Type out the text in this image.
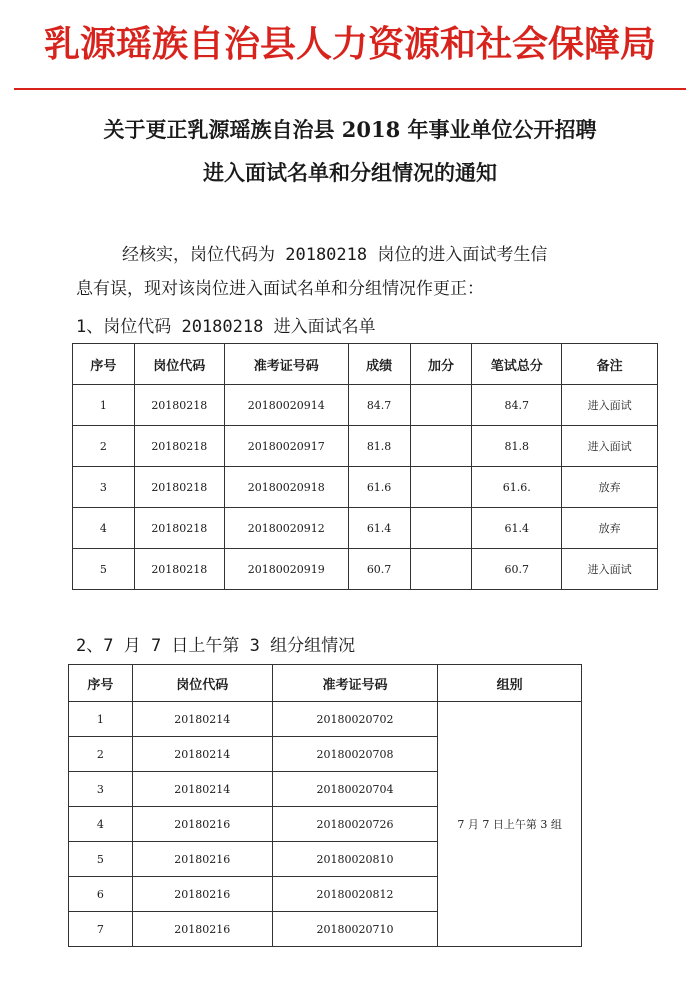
乳源瑶族自治县人力资源和社会保障局
关于更正乳源瑶族自治县 2018 年事业单位公开招聘
进入面试名单和分组情况的通知
经核实，岗位代码为 20180218 岗位的进入面试考生信
息有误，现对该岗位进入面试名单和分组情况作更正：
1、岗位代码 20180218 进入面试名单
序号	岗位代码	准考证号码	成绩	加分	笔试总分	备注
1	20180218	20180020914	84.7		84.7	进入面试
2	20180218	20180020917	81.8		81.8	进入面试
3	20180218	20180020918	61.6		61.6.	放弃
4	20180218	20180020912	61.4		61.4	放弃
5	20180218	20180020919	60.7		60.7	进入面试
2、7 月 7 日上午第 3 组分组情况
序号	岗位代码	准考证号码	组别
1	20180214	20180020702	7 月 7 日上午第 3 组
2	20180214	20180020708	
3	20180214	20180020704	
4	20180216	20180020726	
5	20180216	20180020810	
6	20180216	20180020812	
7	20180216	20180020710	
